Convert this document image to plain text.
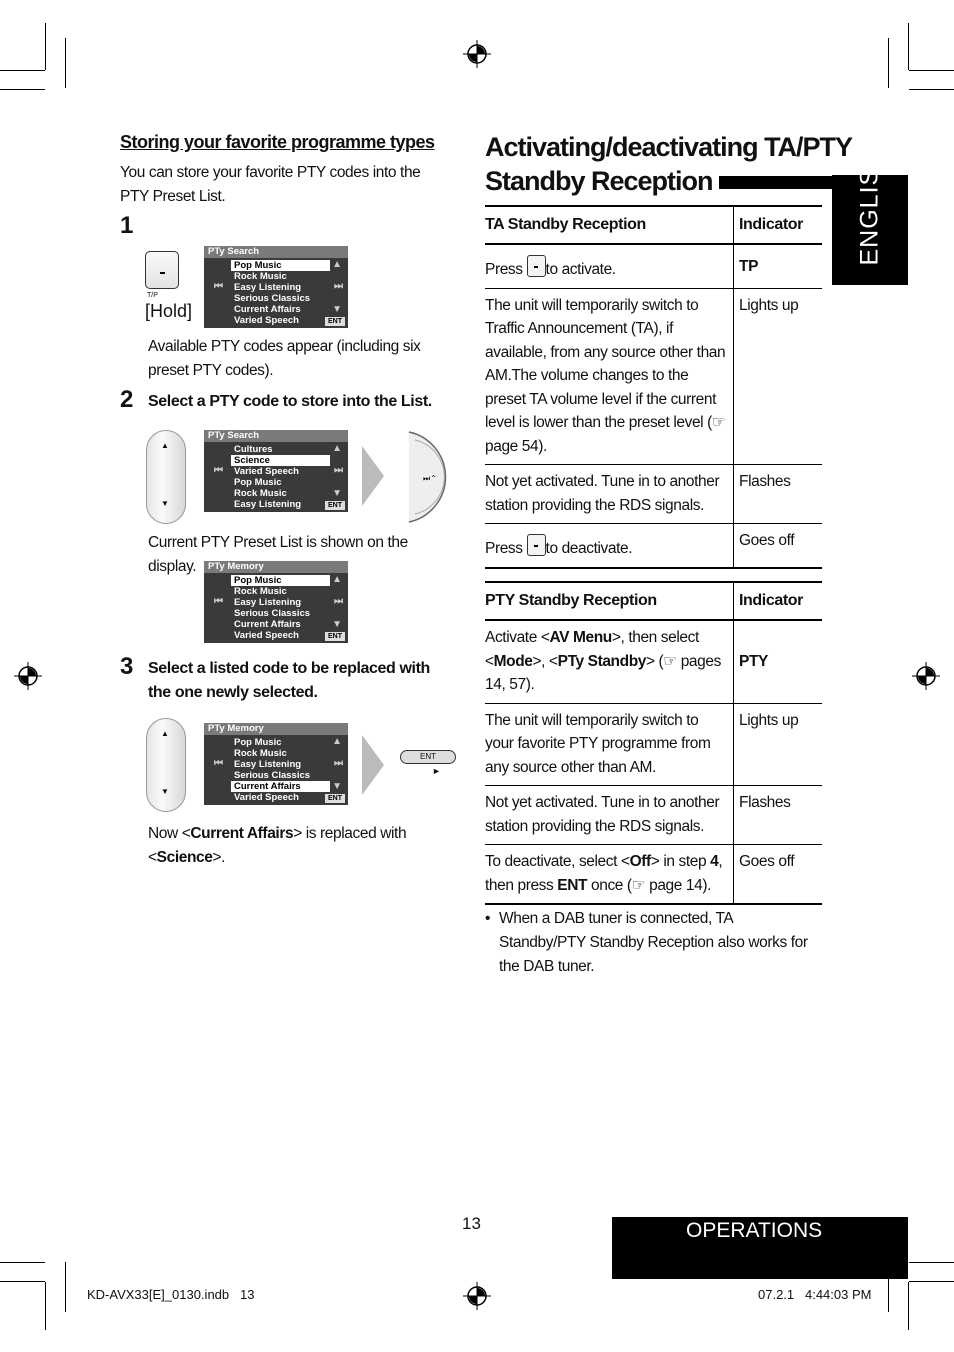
Storing your favorite programme types
You can store your favorite PTY codes into the PTY Preset List.
1
T/P
[Hold]
PTy Search
Pop Music
Rock Music
Easy Listening
Serious Classics
Current Affairs
Varied Speech
▲
⏮	⏭
▼
ENT
Available PTY codes appear (including six preset PTY codes).
2 Select a PTY code to store into the List.
▲
▼
PTy Search
Cultures
Science
Varied Speech
Pop Music
Rock Music
Easy Listening
▲
⏮	⏭
▼
ENT
⏭⌃
Current PTY Preset List is shown on the display.	PTy Memory
Pop Music
Rock Music
Easy Listening
Serious Classics
Current Affairs
Varied Speech
▲
⏮	⏭
▼
ENT
3 Select a listed code to be replaced with the one newly selected.
▲
▼
PTy Memory
Pop Music
Rock Music
Easy Listening
Serious Classics
Current Affairs
Varied Speech
▲
⏮	⏭
▼
ENT
ENT
►
Now <Current Affairs> is replaced with
<Science>.
Activating/deactivating TA/PTY
Standby Reception	ENGLISH
TA Standby Reception	Indicator
Press to activate.	TP
The unit will temporarily switch to Traffic Announcement (TA), if available, from any source other than AM.The volume changes to the preset TA volume level if the current level is lower than the preset level (☞ page 54).	Lights up
Not yet activated. Tune in to another station providing the RDS signals.	Flashes
Press to deactivate.	Goes off
PTY Standby Reception	Indicator
Activate <AV Menu>, then select <Mode>, <PTy Standby> (☞ pages 14, 57).	PTY
The unit will temporarily switch to your favorite PTY programme from any source other than AM.	Lights up
Not yet activated. Tune in to another station providing the RDS signals.	Flashes
To deactivate, select <Off> in step 4, then press ENT once (☞ page 14).	Goes off
• When a DAB tuner is connected, TA Standby/PTY Standby Reception also works for the DAB tuner.
13	OPERATIONS
KD-AVX33[E]_0130.indb   13	07.2.1   4:44:03 PM
